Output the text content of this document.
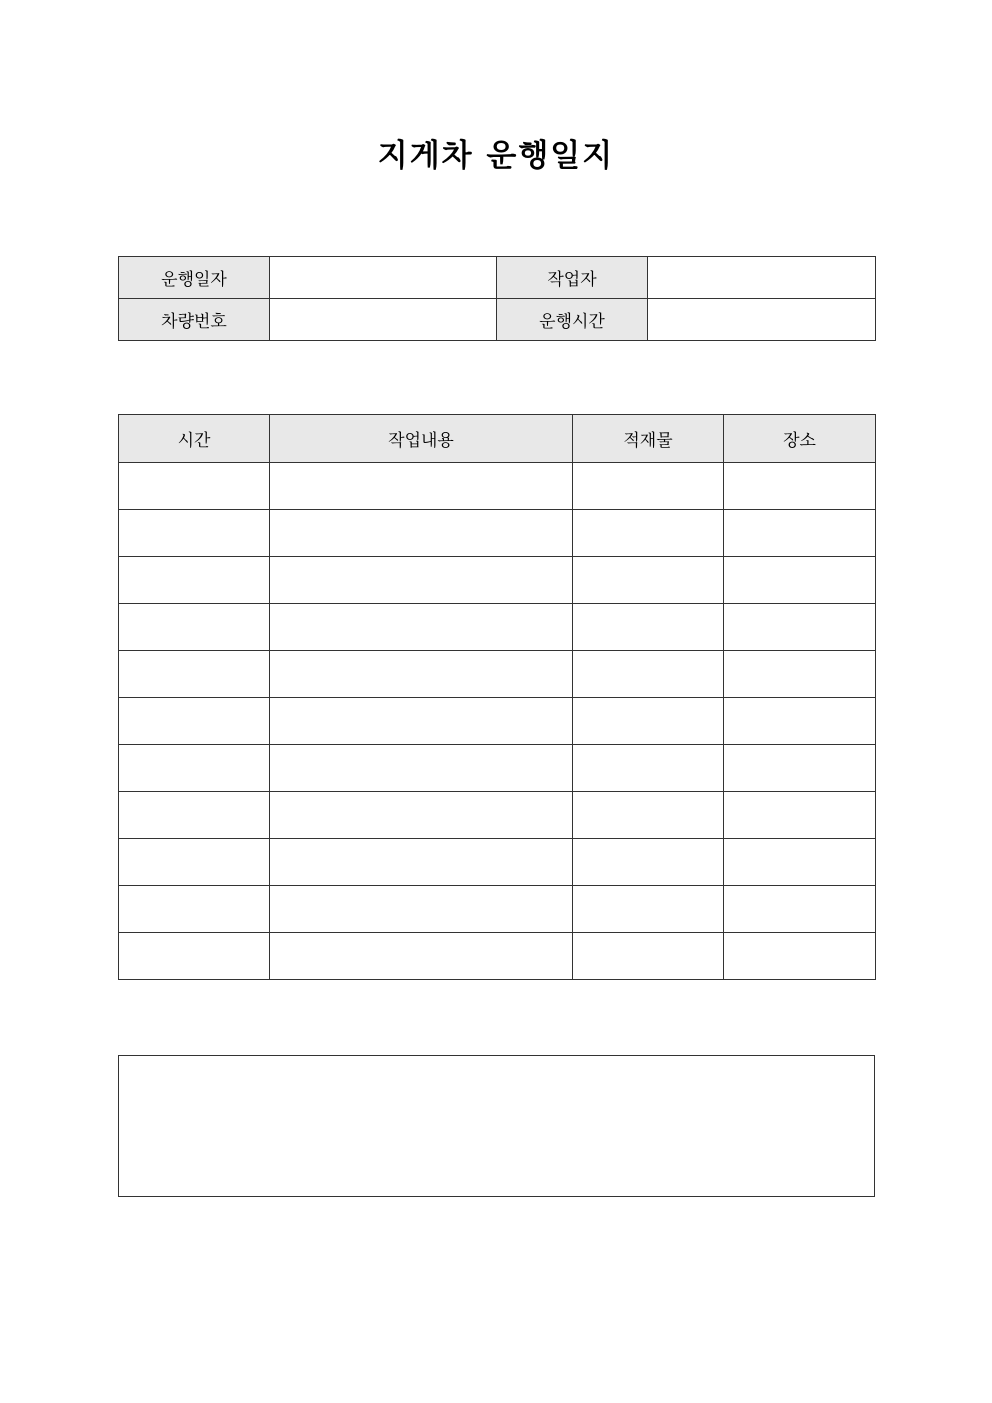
지게차 운행일지
운행일자		작업자	
차량번호		운행시간	
시간	작업내용	적재물	장소
